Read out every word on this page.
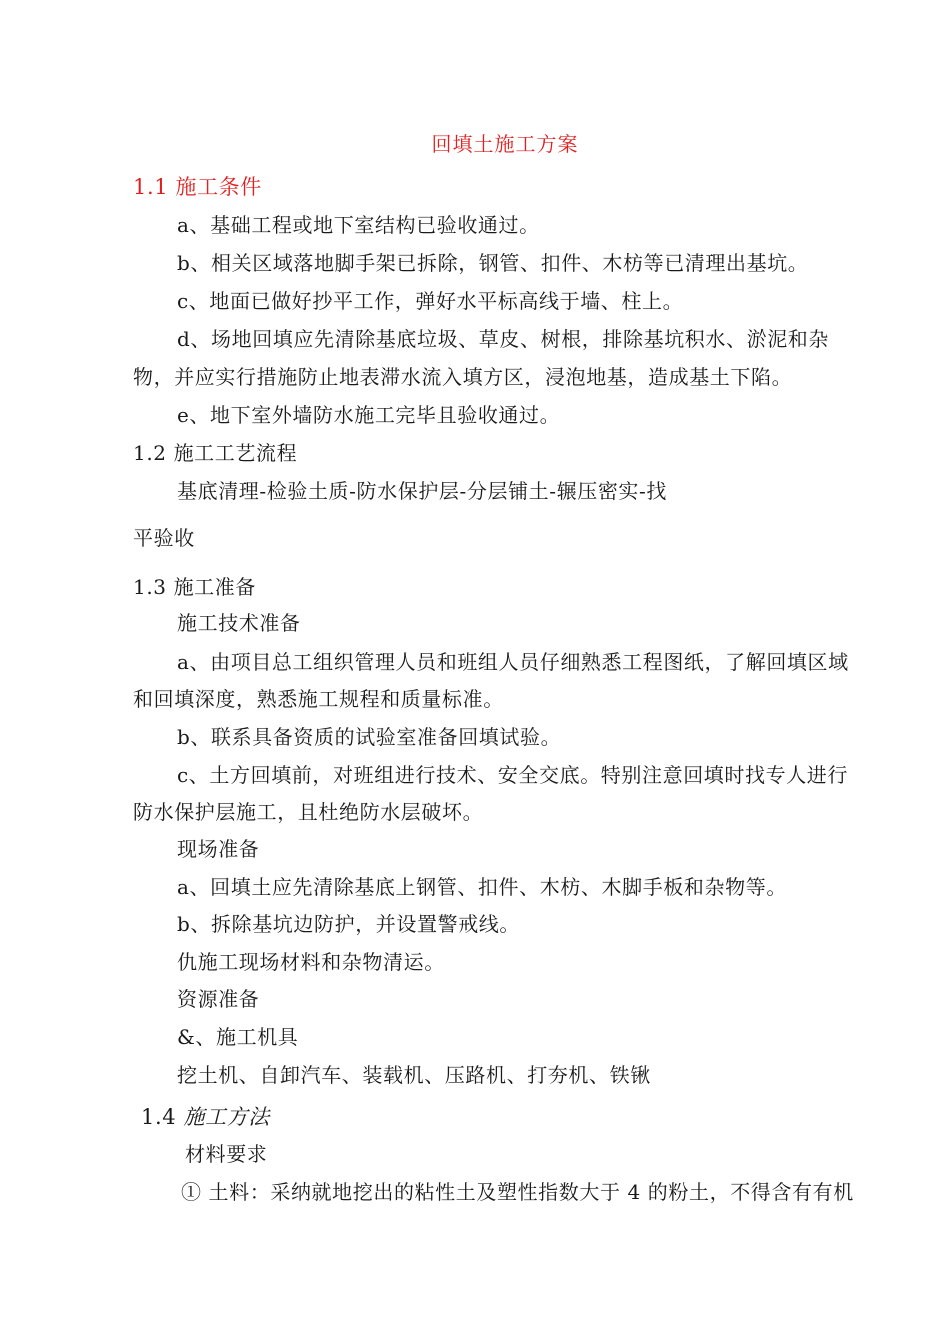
回填土施工方案
1.1 施工条件
a、基础工程或地下室结构已验收通过。
b、相关区域落地脚手架已拆除，钢管、扣件、木枋等已清理出基坑。
c、地面已做好抄平工作，弹好水平标高线于墙、柱上。
d、场地回填应先清除基底垃圾、草皮、树根，排除基坑积水、淤泥和杂
物，并应实行措施防止地表滞水流入填方区，浸泡地基，造成基土下陷。
e、地下室外墙防水施工完毕且验收通过。
1.2 施工工艺流程
基底清理-检验土质-防水保护层-分层铺土-辗压密实-找
平验收
1.3 施工准备
施工技术准备
a、由项目总工组织管理人员和班组人员仔细熟悉工程图纸，了解回填区域
和回填深度，熟悉施工规程和质量标准。
b、联系具备资质的试验室准备回填试验。
c、土方回填前，对班组进行技术、安全交底。特别注意回填时找专人进行
防水保护层施工，且杜绝防水层破坏。
现场准备
a、回填土应先清除基底上钢管、扣件、木枋、木脚手板和杂物等。
b、拆除基坑边防护，并设置警戒线。
仇施工现场材料和杂物清运。
资源准备
&、施工机具
挖土机、自卸汽车、装载机、压路机、打夯机、铁锹
1.4 施工方法
材料要求
① 土料：采纳就地挖出的粘性土及塑性指数大于 4 的粉土，不得含有有机
